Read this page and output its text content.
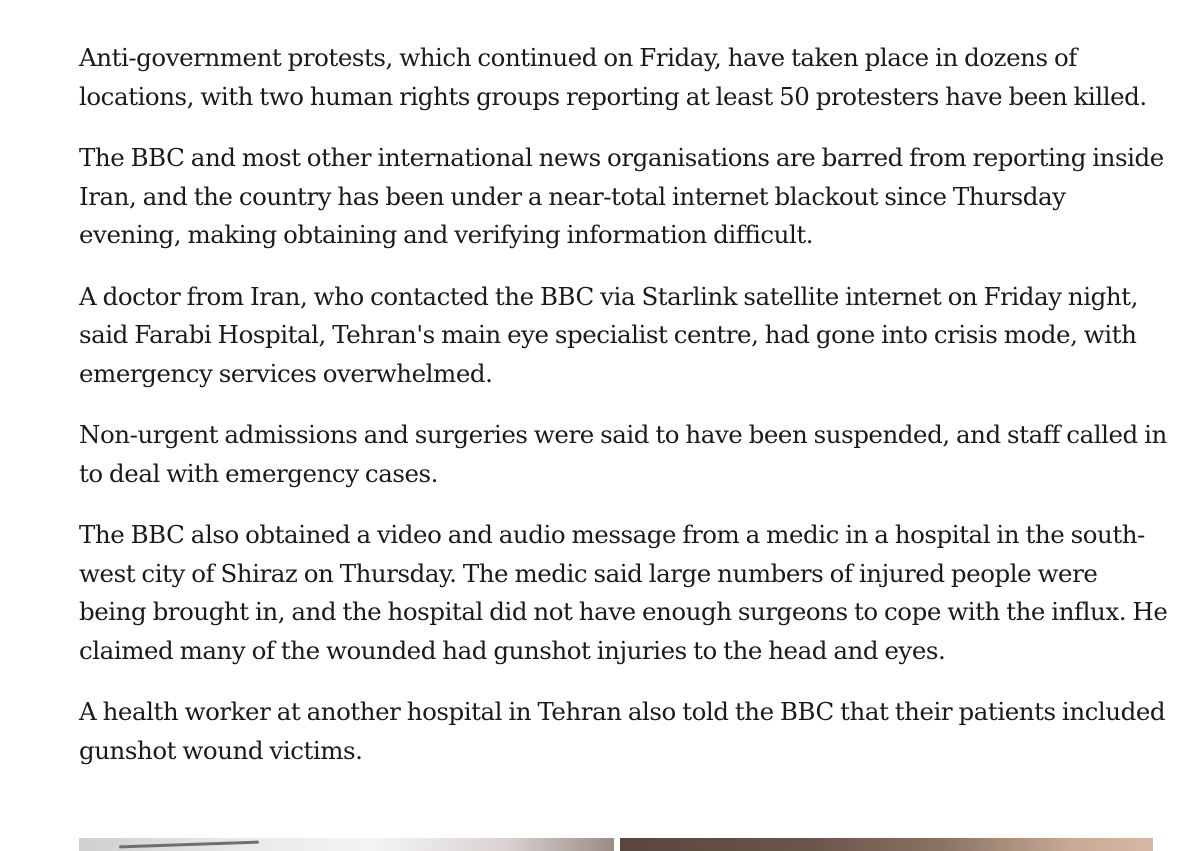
Anti-government protests, which continued on Friday, have taken place in dozens of locations, with two human rights groups reporting at least 50 protesters have been killed.

The BBC and most other international news organisations are barred from reporting inside Iran, and the country has been under a near-total internet blackout since Thursday evening, making obtaining and verifying information difficult.

A doctor from Iran, who contacted the BBC via Starlink satellite internet on Friday night, said Farabi Hospital, Tehran's main eye specialist centre, had gone into crisis mode, with emergency services overwhelmed.

Non-urgent admissions and surgeries were said to have been suspended, and staff called in to deal with emergency cases.

The BBC also obtained a video and audio message from a medic in a hospital in the south-west city of Shiraz on Thursday. The medic said large numbers of injured people were being brought in, and the hospital did not have enough surgeons to cope with the influx. He claimed many of the wounded had gunshot injuries to the head and eyes.

A health worker at another hospital in Tehran also told the BBC that their patients included gunshot wound victims.
